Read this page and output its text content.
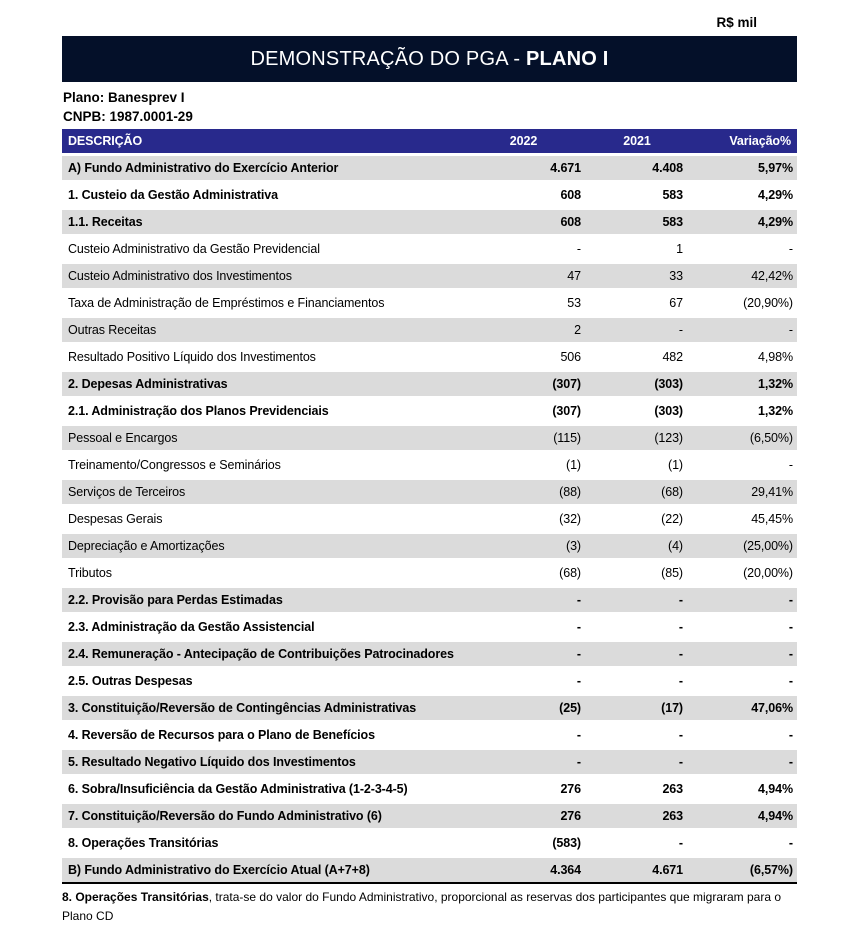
R$ mil
DEMONSTRAÇÃO DO PGA - PLANO I
Plano: Banesprev I
CNPB: 1987.0001-29
DESCRIÇÃO	2022	2021	Variação%
A) Fundo Administrativo do Exercício Anterior	4.671	4.408	5,97%
1. Custeio da Gestão Administrativa	608	583	4,29%
1.1. Receitas	608	583	4,29%
Custeio Administrativo da Gestão Previdencial	-	1	-
Custeio Administrativo dos Investimentos	47	33	42,42%
Taxa de Administração de Empréstimos e Financiamentos	53	67	(20,90%)
Outras Receitas	2	-	-
Resultado Positivo Líquido dos Investimentos	506	482	4,98%
2. Depesas Administrativas	(307)	(303)	1,32%
2.1. Administração dos Planos Previdenciais	(307)	(303)	1,32%
Pessoal e Encargos	(115)	(123)	(6,50%)
Treinamento/Congressos e Seminários	(1)	(1)	-
Serviços de Terceiros	(88)	(68)	29,41%
Despesas Gerais	(32)	(22)	45,45%
Depreciação e Amortizações	(3)	(4)	(25,00%)
Tributos	(68)	(85)	(20,00%)
2.2. Provisão para Perdas Estimadas	-	-	-
2.3. Administração da Gestão Assistencial	-	-	-
2.4. Remuneração - Antecipação de Contribuições Patrocinadores	-	-	-
2.5. Outras Despesas	-	-	-
3. Constituição/Reversão de Contingências Administrativas	(25)	(17)	47,06%
4. Reversão de Recursos para o Plano de Benefícios	-	-	-
5. Resultado Negativo Líquido dos Investimentos	-	-	-
6. Sobra/Insuficiência da Gestão Administrativa (1-2-3-4-5)	276	263	4,94%
7. Constituição/Reversão do Fundo Administrativo (6)	276	263	4,94%
8. Operações Transitórias	(583)	-	-
B) Fundo Administrativo do Exercício Atual (A+7+8)	4.364	4.671	(6,57%)
8. Operações Transitórias, trata-se do valor do Fundo Administrativo, proporcional as reservas dos participantes que migraram para o Plano CD
